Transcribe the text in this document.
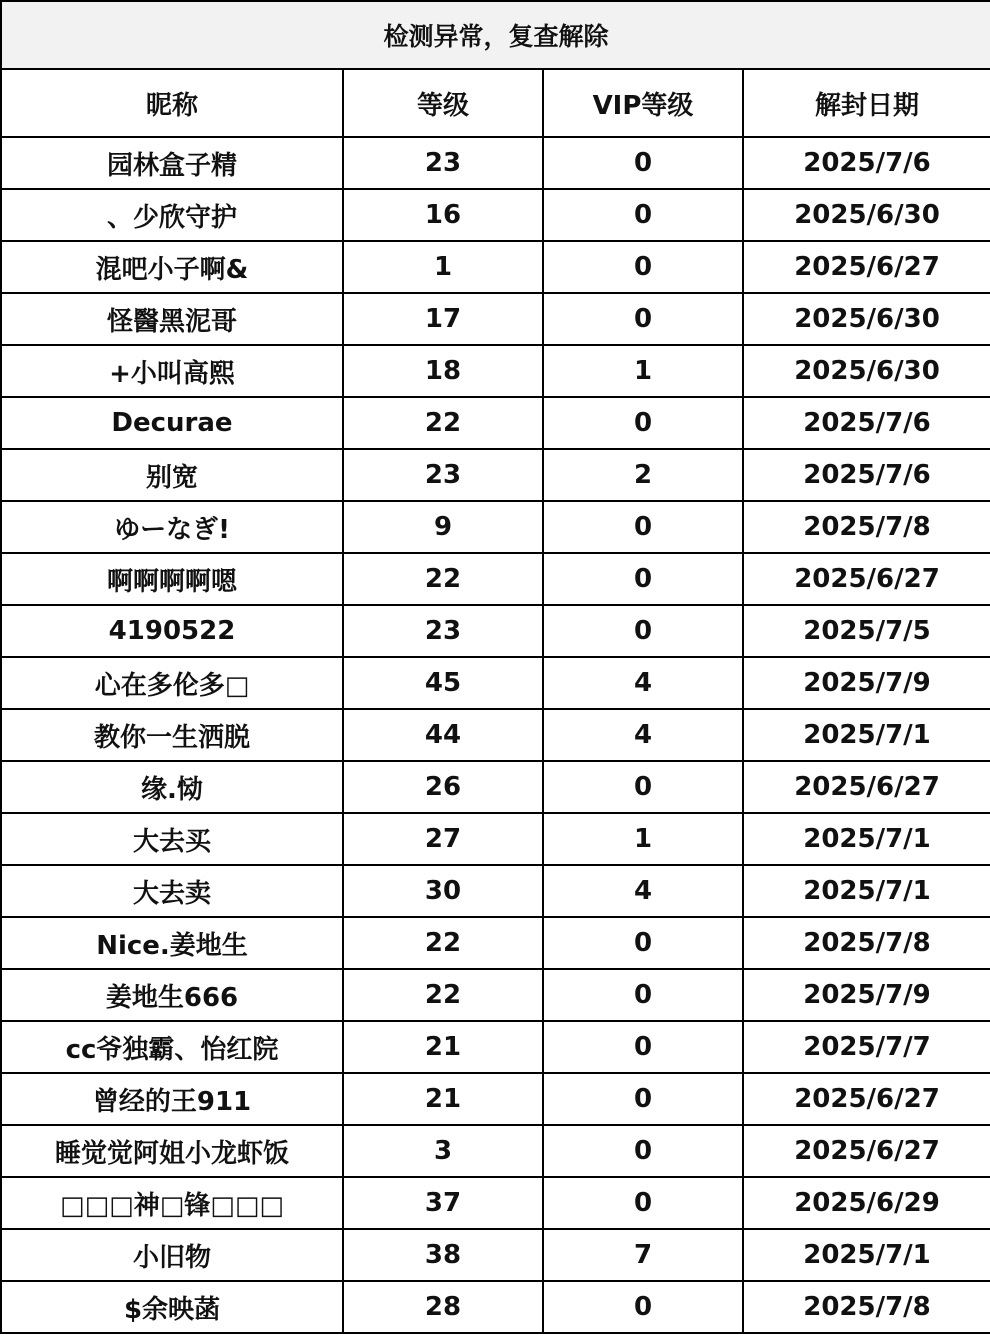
检测异常，复查解除			
昵称	等级	VIP等级	解封日期
园林盒子精	23	0	2025/7/6
、少欣守护	16	0	2025/6/30
混吧小子啊&	1	0	2025/6/27
怪醫黑泥哥	17	0	2025/6/30
+小叫高熙	18	1	2025/6/30
Decurae	22	0	2025/7/6
别宽	23	2	2025/7/6
ゆーなぎ!	9	0	2025/7/8
啊啊啊啊嗯	22	0	2025/6/27
4190522	23	0	2025/7/5
心在多伦多□	45	4	2025/7/9
教你一生洒脱	44	4	2025/7/1
缘.恸	26	0	2025/6/27
大去买	27	1	2025/7/1
大去卖	30	4	2025/7/1
Nice.姜地生	22	0	2025/7/8
姜地生666	22	0	2025/7/9
cc爷独霸、怡红院	21	0	2025/7/7
曾经的王911	21	0	2025/6/27
睡觉觉阿姐小龙虾饭	3	0	2025/6/27
□□□神□锋□□□	37	0	2025/6/29
小旧物	38	7	2025/7/1
$余映菡	28	0	2025/7/8
